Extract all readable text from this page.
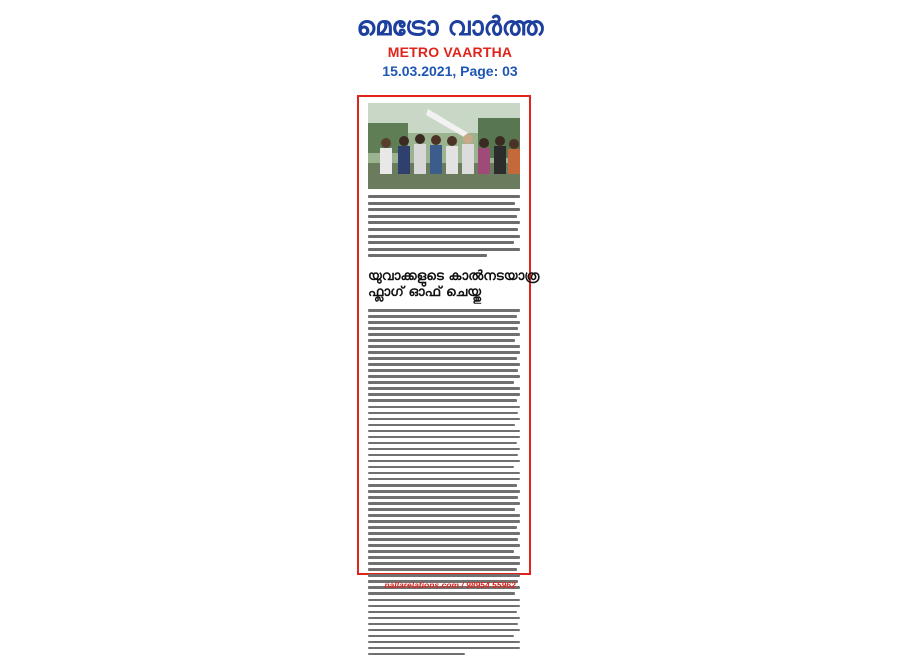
മെട്രോ വാർത്ത
METRO VAARTHA
15.03.2021, Page: 03
യുവാക്കളുടെ കാൽനടയാത്ര
ഫ്ലാഗ് ഓഫ് ചെയ്തു
nallarelations.com / 98954 55962
